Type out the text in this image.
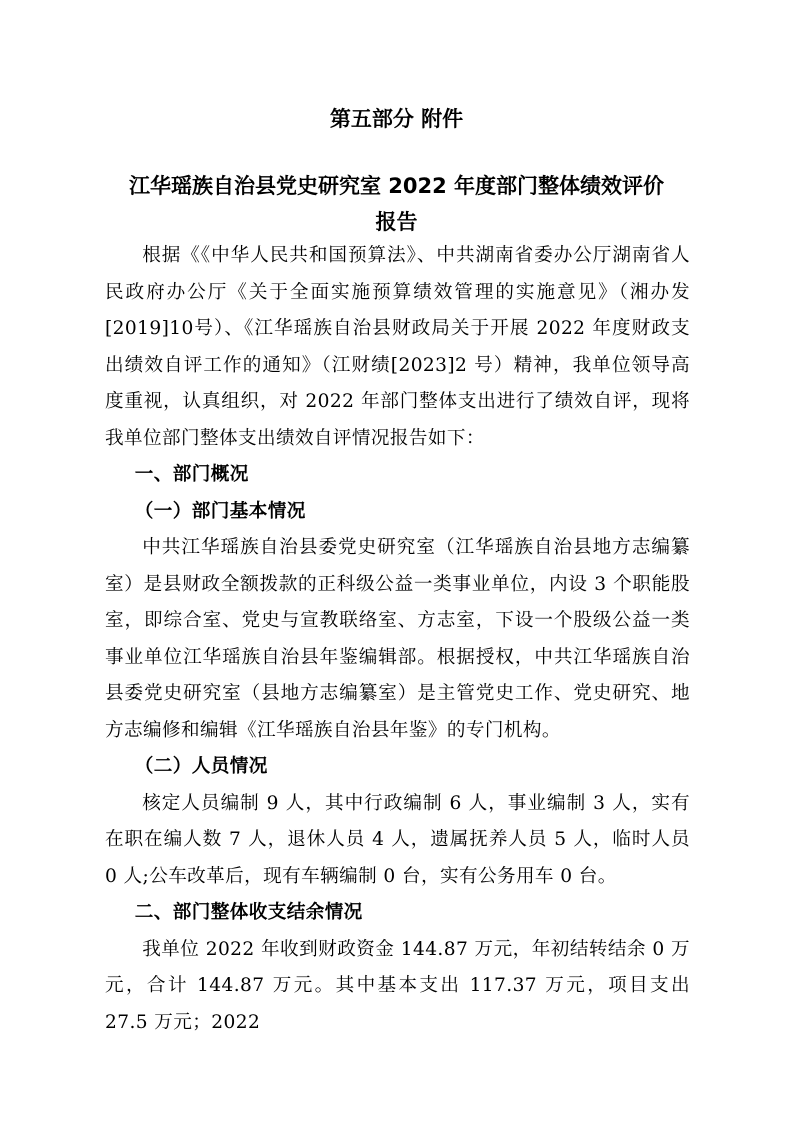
第五部分 附件
江华瑶族自治县党史研究室 2022 年度部门整体绩效评价报告

根据《《中华人民共和国预算法》、中共湖南省委办公厅湖南省人民政府办公厅《关于全面实施预算绩效管理的实施意见》（湘办发[2019]10号）、《江华瑶族自治县财政局关于开展 2022 年度财政支出绩效自评工作的通知》（江财绩[2023]2 号）精神，我单位领导高度重视，认真组织，对 2022 年部门整体支出进行了绩效自评，现将我单位部门整体支出绩效自评情况报告如下：

一、部门概况
（一）部门基本情况

中共江华瑶族自治县委党史研究室（江华瑶族自治县地方志编纂室）是县财政全额拨款的正科级公益一类事业单位，内设 3 个职能股室，即综合室、党史与宣教联络室、方志室，下设一个股级公益一类事业单位江华瑶族自治县年鉴编辑部。根据授权，中共江华瑶族自治县委党史研究室（县地方志编纂室）是主管党史工作、党史研究、地方志编修和编辑《江华瑶族自治县年鉴》的专门机构。

（二）人员情况

核定人员编制 9 人，其中行政编制 6 人，事业编制 3 人，实有在职在编人数 7 人，退休人员 4 人，遗属抚养人员 5 人，临时人员 0 人;公车改革后，现有车辆编制 0 台，实有公务用车 0 台。

二、部门整体收支结余情况

我单位 2022 年收到财政资金 144.87 万元，年初结转结余 0 万元，合计 144.87 万元。其中基本支出 117.37 万元，项目支出 27.5 万元；2022
